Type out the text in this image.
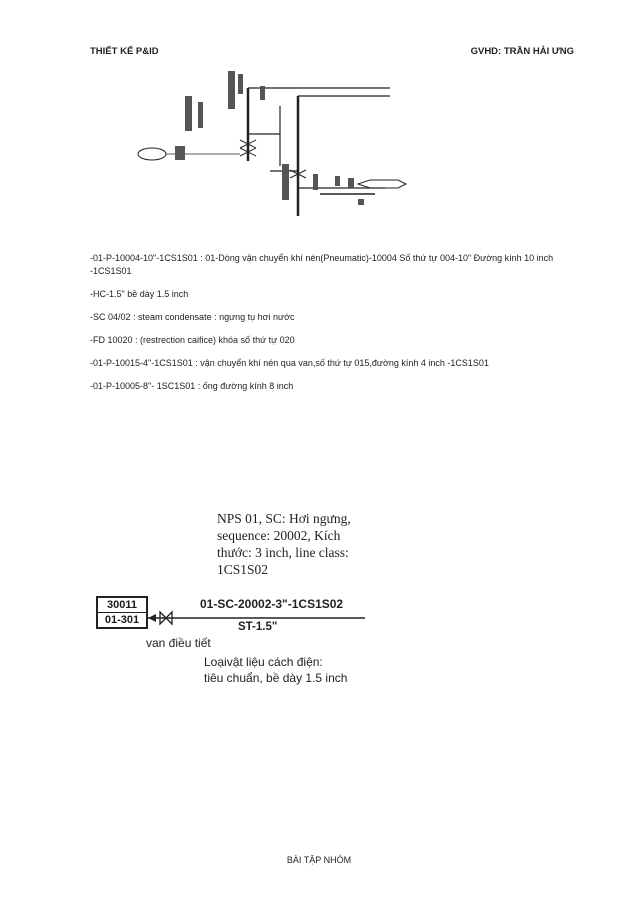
THIẾT KẾ P&ID	GVHD: TRẦN HẢI ƯNG

-01-P-10004-10"-1CS1S01 : 01-Dòng vận chuyển khí nén(Pneumatic)-10004 Số thứ tự 004-10" Đường kính 10 inch -1CS1S01

-HC-1.5" bề dày 1.5 inch

-SC 04/02 : steam condensate : ngưng tụ hơi nước

-FD 10020 : (restrection caifice) khóa số thứ tự 020

-01-P-10015-4"-1CS1S01 : vận chuyển khí nén qua van,số thứ tự 015,đường kính 4 inch -1CS1S01

-01-P-10005-8"- 1SC1S01 : ống đường kính 8 inch

NPS 01, SC: Hơi ngưng,
sequence: 20002, Kích
thước: 3 inch, line class:
1CS1S02
30011
01-301
01-SC-20002-3"-1CS1S02
ST-1.5"
van điều tiết
Loạivật liệu cách điện:
tiêu chuẩn, bề dày 1.5 inch
BÀI TẬP NHÓM
